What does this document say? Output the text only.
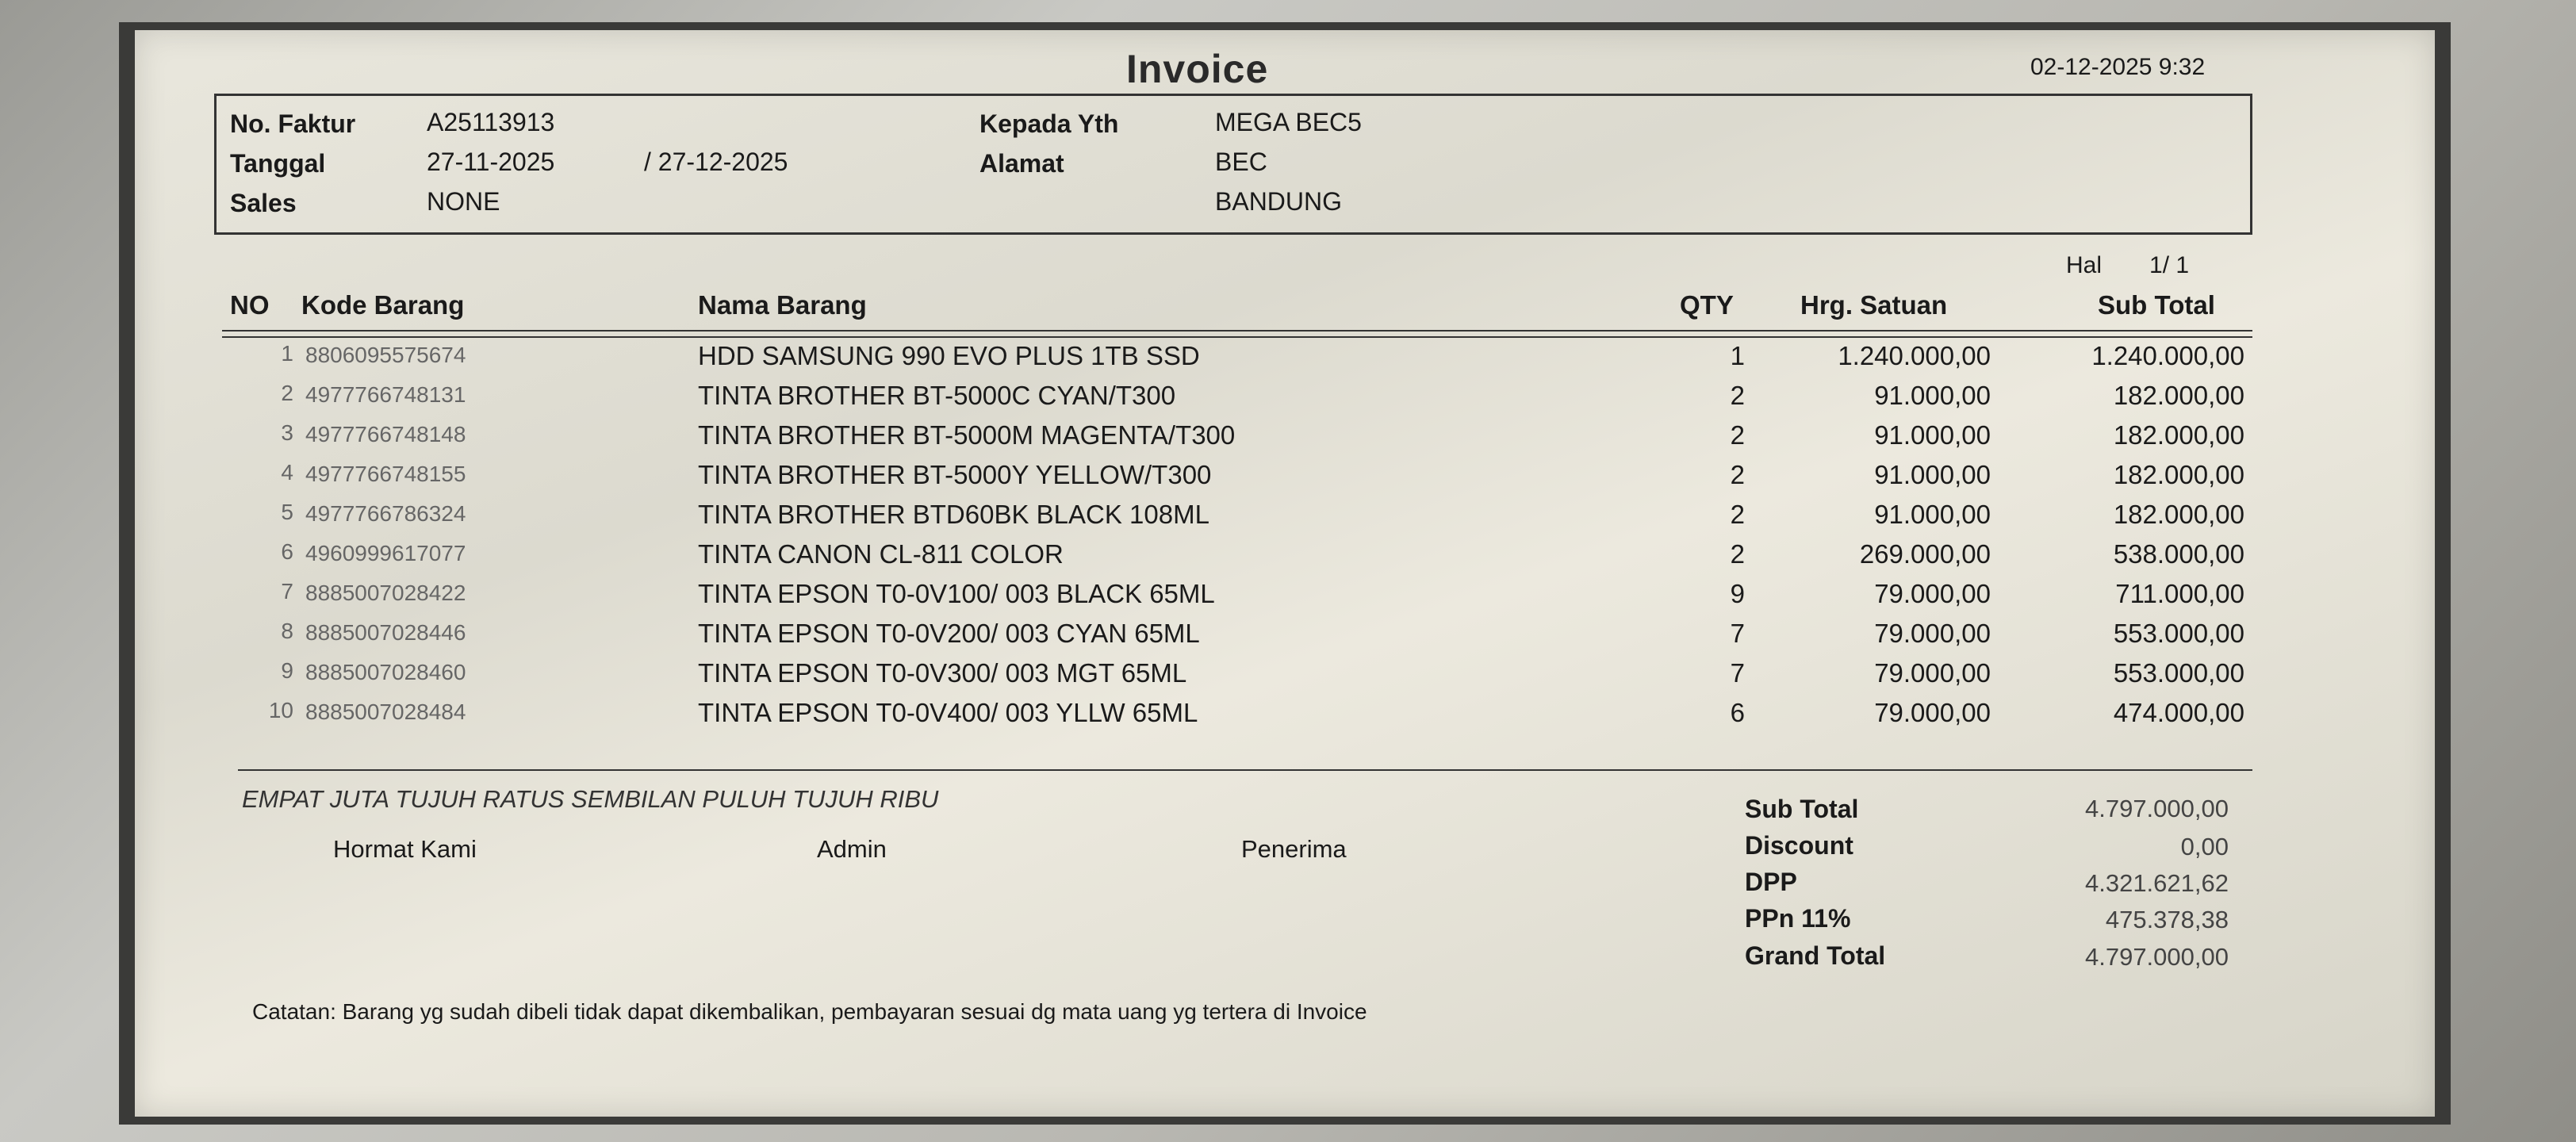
Invoice	02-12-2025 9:32
No. Faktur	A25113913
Tanggal	27-11-2025	/ 27-12-2025
Sales	NONE
Kepada Yth	MEGA BEC5
Alamat	BEC
BANDUNG
Hal 1/ 1
NO Kode Barang	Nama Barang	QTY	Hrg. Satuan	Sub Total
1 8806095575674	HDD SAMSUNG 990 EVO PLUS 1TB SSD	1	1.240.000,00	1.240.000,00
2 4977766748131	TINTA BROTHER BT-5000C CYAN/T300	2	91.000,00	182.000,00
3 4977766748148	TINTA BROTHER BT-5000M MAGENTA/T300	2	91.000,00	182.000,00
4 4977766748155	TINTA BROTHER BT-5000Y YELLOW/T300	2	91.000,00	182.000,00
5 4977766786324	TINTA BROTHER BTD60BK BLACK 108ML	2	91.000,00	182.000,00
6 4960999617077	TINTA CANON CL-811 COLOR	2	269.000,00	538.000,00
7 8885007028422	TINTA EPSON T0-0V100/ 003 BLACK 65ML	9	79.000,00	711.000,00
8 8885007028446	TINTA EPSON T0-0V200/ 003 CYAN 65ML	7	79.000,00	553.000,00
9 8885007028460	TINTA EPSON T0-0V300/ 003 MGT 65ML	7	79.000,00	553.000,00
10 8885007028484	TINTA EPSON T0-0V400/ 003 YLLW 65ML	6	79.000,00	474.000,00
EMPAT JUTA TUJUH RATUS SEMBILAN PULUH TUJUH RIBU
Hormat Kami	Admin	Penerima
Sub Total	4.797.000,00
Discount	0,00
DPP	4.321.621,62
PPn 11%	475.378,38
Grand Total	4.797.000,00
Catatan: Barang yg sudah dibeli tidak dapat dikembalikan, pembayaran sesuai dg mata uang yg tertera di Invoice
